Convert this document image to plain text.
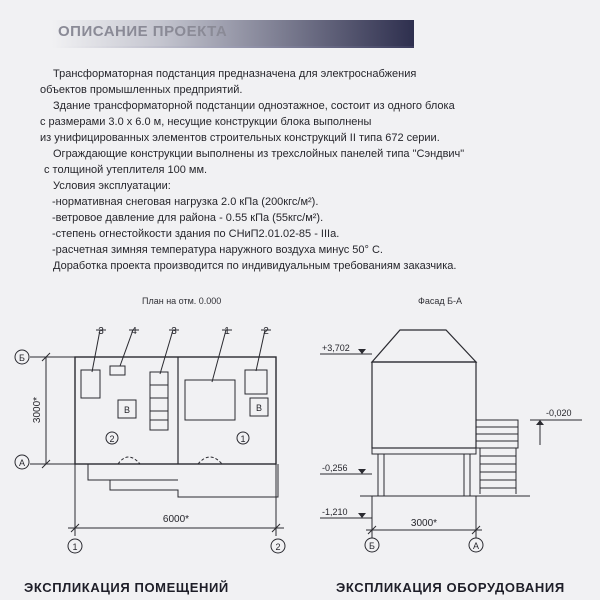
ОПИСАНИЕ ПРОЕКТА

Трансформаторная подстанция предназначена для электроснабжения

объектов промышленных предприятий.

Здание трансформаторной подстанции одноэтажное, состоит из одного блока

с размерами 3.0 х 6.0 м, несущие конструкции блока выполнены

из унифицированных элементов строительных конструкций II типа 672 серии.

Ограждающие конструкции выполнены из трехслойных панелей типа "Сэндвич"

с толщиной утеплителя 100 мм.

Условия эксплуатации:

-нормативная снеговая нагрузка 2.0 кПа (200кгс/м²).

-ветровое давление для района - 0.55 кПа (55кгс/м²).

-степень огнестойкости здания по СНиП2.01.02-85 - IIIа.

-расчетная зимняя температура наружного воздуха минус 50° С.

Доработка проекта производится по индивидуальным требованиям заказчика.

План на отм. 0.000	Фасад Б-А
3	4	3	1	2
В	В
2	1
Б
А
1	2
6000*
3000*
+3,702
-0,020
-0,256
-1,210
3000*
Б	А
ЭКСПЛИКАЦИЯ ПОМЕЩЕНИЙ	ЭКСПЛИКАЦИЯ ОБОРУДОВАНИЯ
